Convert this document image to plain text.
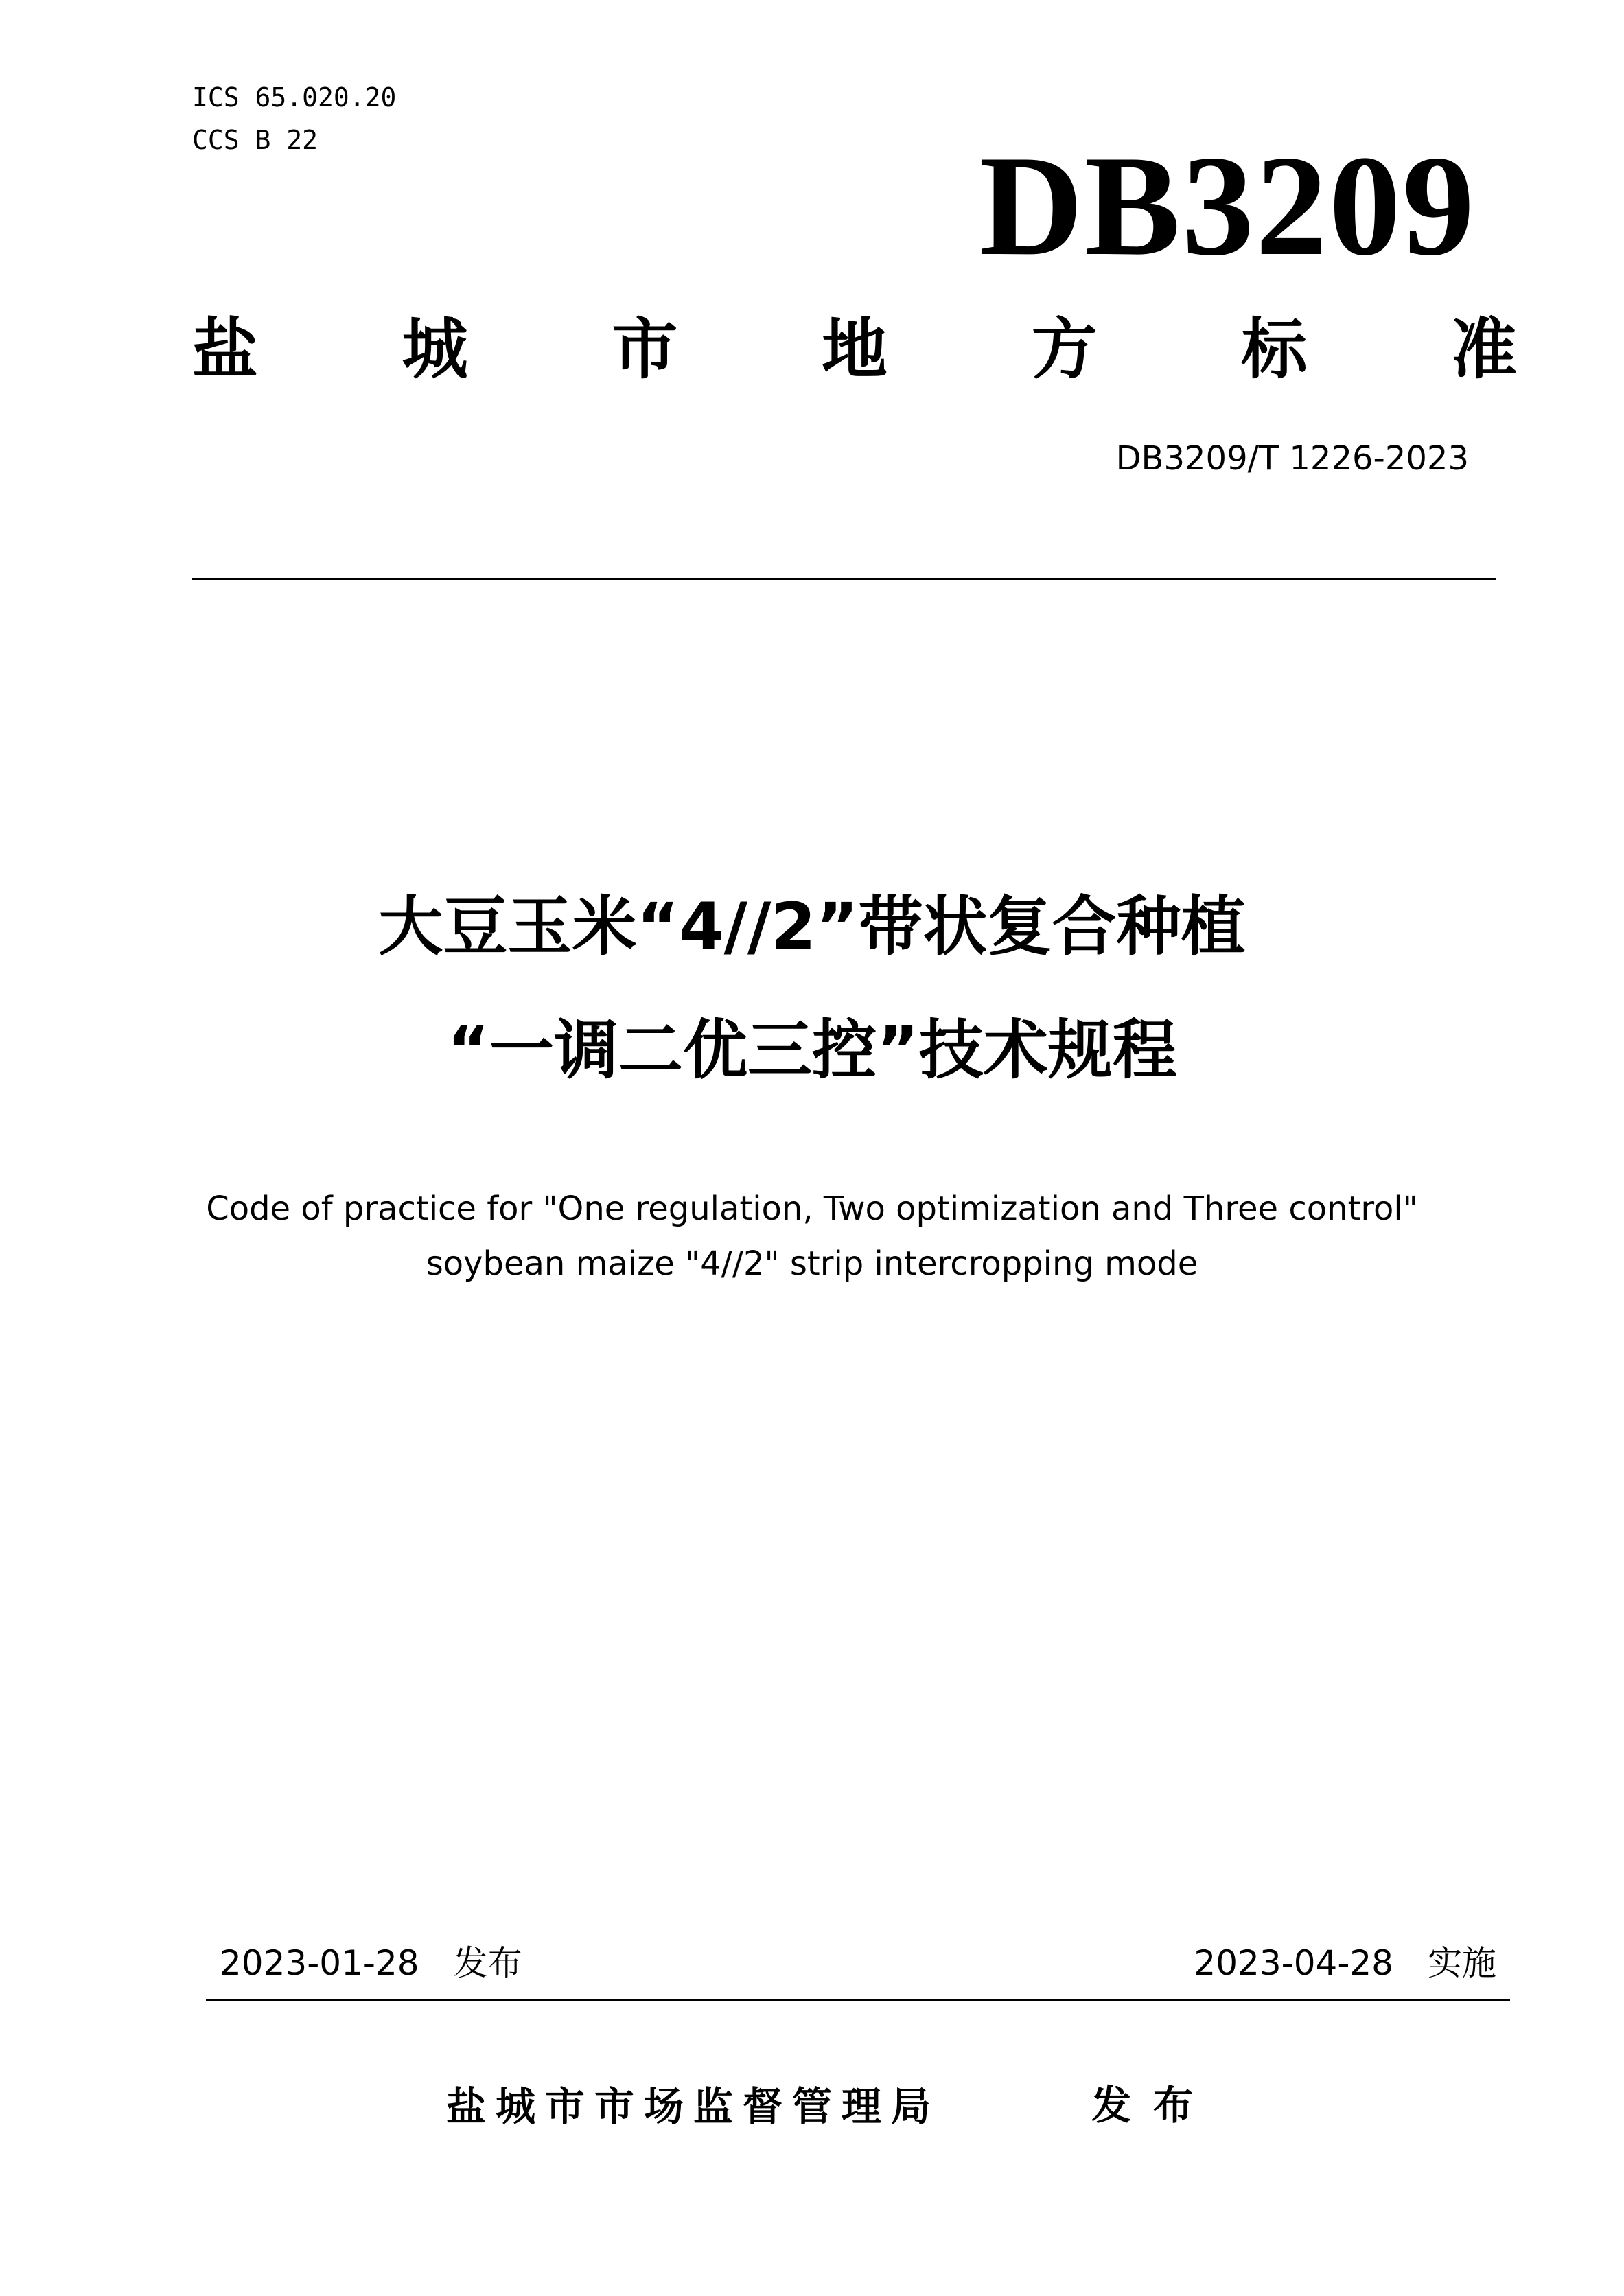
ICS 65.020.20
CCS B 22	DB3209
盐 城 市 地 方 标 准
DB3209/T 1226-2023
大豆玉米“4//2”带状复合种植
“一调二优三控”技术规程
Code of practice for "One regulation, Two optimization and Three control"
soybean maize "4//2" strip intercropping mode
2023-01-28 发布	2023-04-28 实施
盐城市市场监督管理局	发布
